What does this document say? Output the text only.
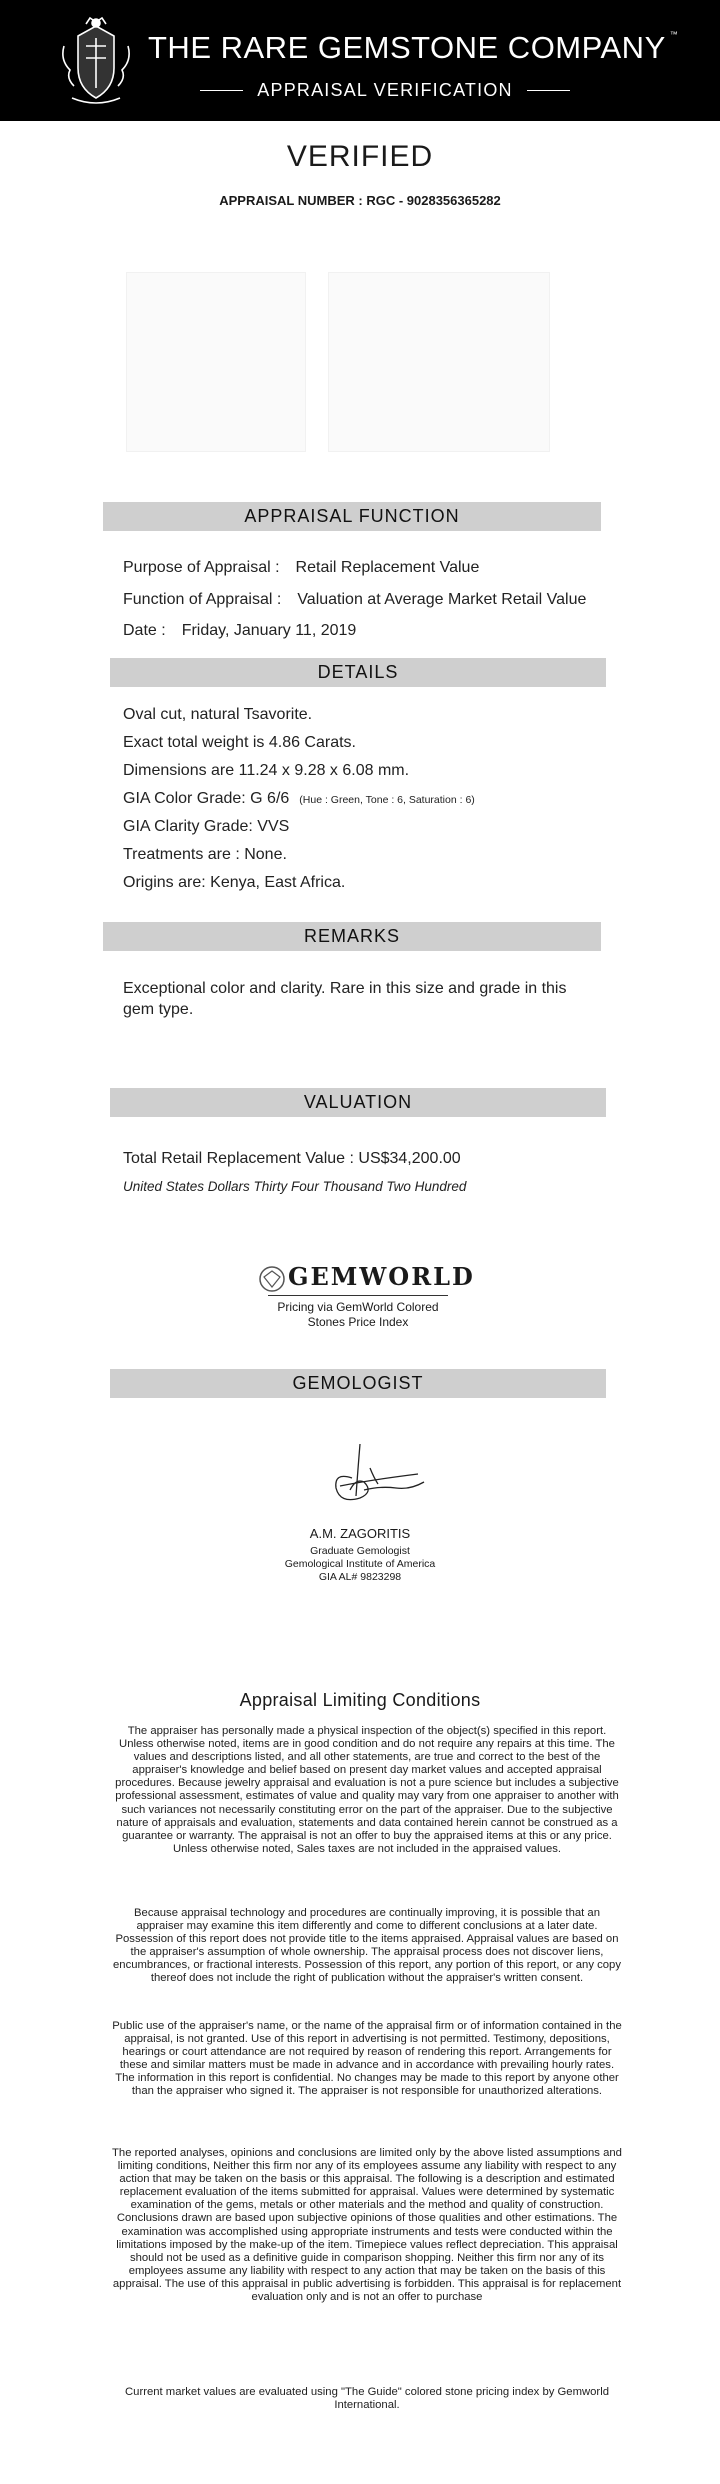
THE RARE GEMSTONE COMPANY ™
APPRAISAL VERIFICATION
VERIFIED
APPRAISAL NUMBER : RGC - 9028356365282
APPRAISAL FUNCTION
Purpose of Appraisal : Retail Replacement Value
Function of Appraisal : Valuation at Average Market Retail Value
Date : Friday, January 11, 2019
DETAILS
Oval cut, natural Tsavorite.
Exact total weight is 4.86 Carats.
Dimensions are 11.24 x 9.28 x 6.08 mm.
GIA Color Grade: G 6/6 (Hue : Green, Tone : 6, Saturation : 6)
GIA Clarity Grade: VVS
Treatments are : None.
Origins are: Kenya, East Africa.
REMARKS
Exceptional color and clarity. Rare in this size and grade in this gem type.
VALUATION
Total Retail Replacement Value : US$34,200.00
United States Dollars Thirty Four Thousand Two Hundred
GEMWORLD
Pricing via GemWorld Colored
Stones Price Index
GEMOLOGIST
A.M. ZAGORITIS
Graduate Gemologist
Gemological Institute of America
GIA AL# 9823298
Appraisal Limiting Conditions
The appraiser has personally made a physical inspection of the object(s) specified in this report. Unless otherwise noted, items are in good condition and do not require any repairs at this time. The values and descriptions listed, and all other statements, are true and correct to the best of the appraiser's knowledge and belief based on present day market values and accepted appraisal procedures. Because jewelry appraisal and evaluation is not a pure science but includes a subjective professional assessment, estimates of value and quality may vary from one appraiser to another with such variances not necessarily constituting error on the part of the appraiser. Due to the subjective nature of appraisals and evaluation, statements and data contained herein cannot be construed as a guarantee or warranty. The appraisal is not an offer to buy the appraised items at this or any price. Unless otherwise noted, Sales taxes are not included in the appraised values.
Because appraisal technology and procedures are continually improving, it is possible that an appraiser may examine this item differently and come to different conclusions at a later date. Possession of this report does not provide title to the items appraised. Appraisal values are based on the appraiser's assumption of whole ownership. The appraisal process does not discover liens, encumbrances, or fractional interests. Possession of this report, any portion of this report, or any copy thereof does not include the right of publication without the appraiser's written consent.
Public use of the appraiser's name, or the name of the appraisal firm or of information contained in the appraisal, is not granted. Use of this report in advertising is not permitted. Testimony, depositions, hearings or court attendance are not required by reason of rendering this report. Arrangements for these and similar matters must be made in advance and in accordance with prevailing hourly rates. The information in this report is confidential. No changes may be made to this report by anyone other than the appraiser who signed it. The appraiser is not responsible for unauthorized alterations.
The reported analyses, opinions and conclusions are limited only by the above listed assumptions and limiting conditions, Neither this firm nor any of its employees assume any liability with respect to any action that may be taken on the basis or this appraisal. The following is a description and estimated replacement evaluation of the items submitted for appraisal. Values were determined by systematic examination of the gems, metals or other materials and the method and quality of construction. Conclusions drawn are based upon subjective opinions of those qualities and other estimations. The examination was accomplished using appropriate instruments and tests were conducted within the limitations imposed by the make-up of the item. Timepiece values reflect depreciation. This appraisal should not be used as a definitive guide in comparison shopping. Neither this firm nor any of its employees assume any liability with respect to any action that may be taken on the basis of this appraisal. The use of this appraisal in public advertising is forbidden. This appraisal is for replacement evaluation only and is not an offer to purchase
Current market values are evaluated using "The Guide" colored stone pricing index by Gemworld International.
